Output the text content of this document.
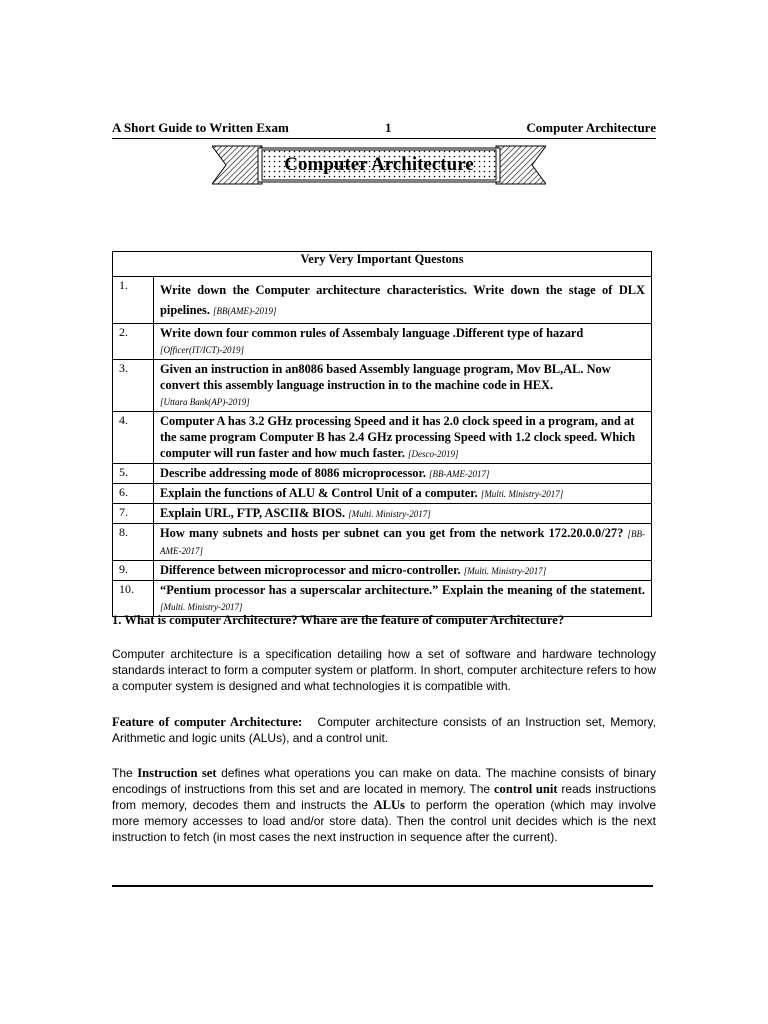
A Short Guide to Written Exam	1	Computer Architecture
Computer Architecture
Very Very Important Questons	
1.	Write down the Computer architecture characteristics. Write down the stage of DLX pipelines. [BB(AME)-2019]
2.	Write down four common rules of Assembaly language .Different type of hazard
[Officer(IT/ICT)-2019]
3.	Given an instruction in an8086 based Assembly language program, Mov BL,AL. Now convert this assembly language instruction in to the machine code in HEX.
[Uttara Bank(AP)-2019]
4.	Computer A has 3.2 GHz processing Speed and it has 2.0 clock speed in a program, and at the same program Computer B has 2.4 GHz processing Speed with 1.2 clock speed. Which computer will run faster and how much faster. [Desco-2019]
5.	Describe addressing mode of 8086 microprocessor. [BB-AME-2017]
6.	Explain the functions of ALU & Control Unit of a computer. [Multi. Ministry-2017]
7.	Explain URL, FTP, ASCII& BIOS. [Multi. Ministry-2017]
8.	How many subnets and hosts per subnet can you get from the network 172.20.0.0/27? [BB-AME-2017]
9.	Difference between microprocessor and micro-controller. [Multi. Ministry-2017]
10.	“Pentium processor has a superscalar architecture.” Explain the meaning of the statement. [Multi. Ministry-2017]
1. What is computer Architecture? Whare are the feature of computer Architecture?
Computer architecture is a specification detailing how a set of software and hardware technology standards interact to form a computer system or platform. In short, computer architecture refers to how a computer system is designed and what technologies it is compatible with.
Feature of computer Architecture: Computer architecture consists of an Instruction set, Memory, Arithmetic and logic units (ALUs), and a control unit.
The Instruction set defines what operations you can make on data. The machine consists of binary encodings of instructions from this set and are located in memory. The control unit reads instructions from memory, decodes them and instructs the ALUs to perform the operation (which may involve more memory accesses to load and/or store data). Then the control unit decides which is the next instruction to fetch (in most cases the next instruction in sequence after the current).
